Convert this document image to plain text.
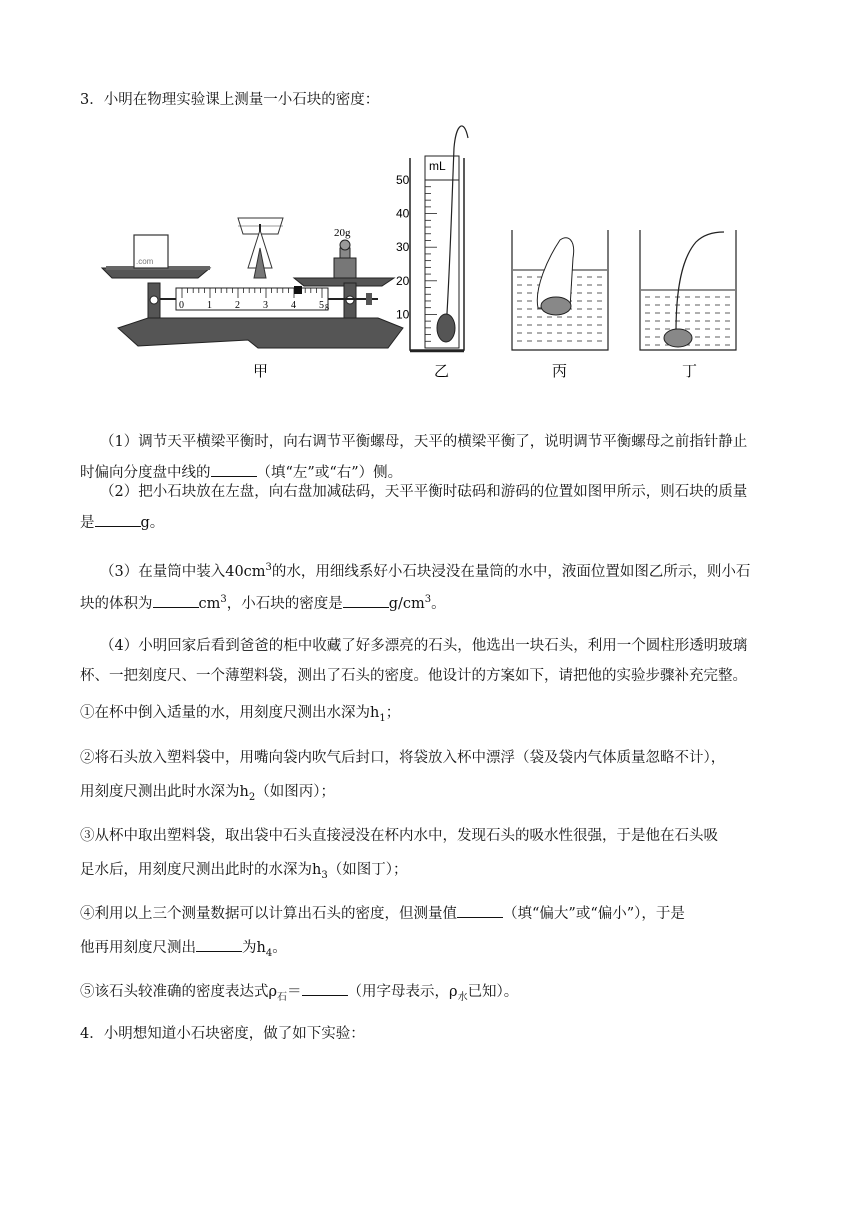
3．小明在物理实验课上测量一小石块的密度：

.com
20g
0 1 2 3 4 5 g
甲
mL
50
40
30
20
10
乙	丙	丁

（1）调节天平横梁平衡时，向右调节平衡螺母，天平的横梁平衡了，说明调节平衡螺母之前指针静止

时偏向分度盘中线的	（填“左”或“右”）侧。

（2）把小石块放在左盘，向右盘加减砝码，天平平衡时砝码和游码的位置如图甲所示，则石块的质量

是	g。

（3）在量筒中装入$40cm^3$的水，用细线系好小石块浸没在量筒的水中，液面位置如图乙所示，则小石

块的体积为	$cm^3$，小石块的密度是	$g/cm^3$。

（4）小明回家后看到爸爸的柜中收藏了好多漂亮的石头，他选出一块石头，利用一个圆柱形透明玻璃

杯、一把刻度尺、一个薄塑料袋，测出了石头的密度。他设计的方案如下，请把他的实验步骤补充完整。

①在杯中倒入适量的水，用刻度尺测出水深为$h_1$；

②将石头放入塑料袋中，用嘴向袋内吹气后封口，将袋放入杯中漂浮（袋及袋内气体质量忽略不计），

用刻度尺测出此时水深为$h_2$（如图丙）；

③从杯中取出塑料袋，取出袋中石头直接浸没在杯内水中，发现石头的吸水性很强，于是他在石头吸

足水后，用刻度尺测出此时的水深为$h_3$（如图丁）；

④利用以上三个测量数据可以计算出石头的密度，但测量值	（填“偏大”或“偏小”），于是

他再用刻度尺测出	为$h_4$。

⑤该石头较准确的密度表达式$\rho_石=$	（用字母表示，$\rho_水$已知）。

4．小明想知道小石块密度，做了如下实验：
